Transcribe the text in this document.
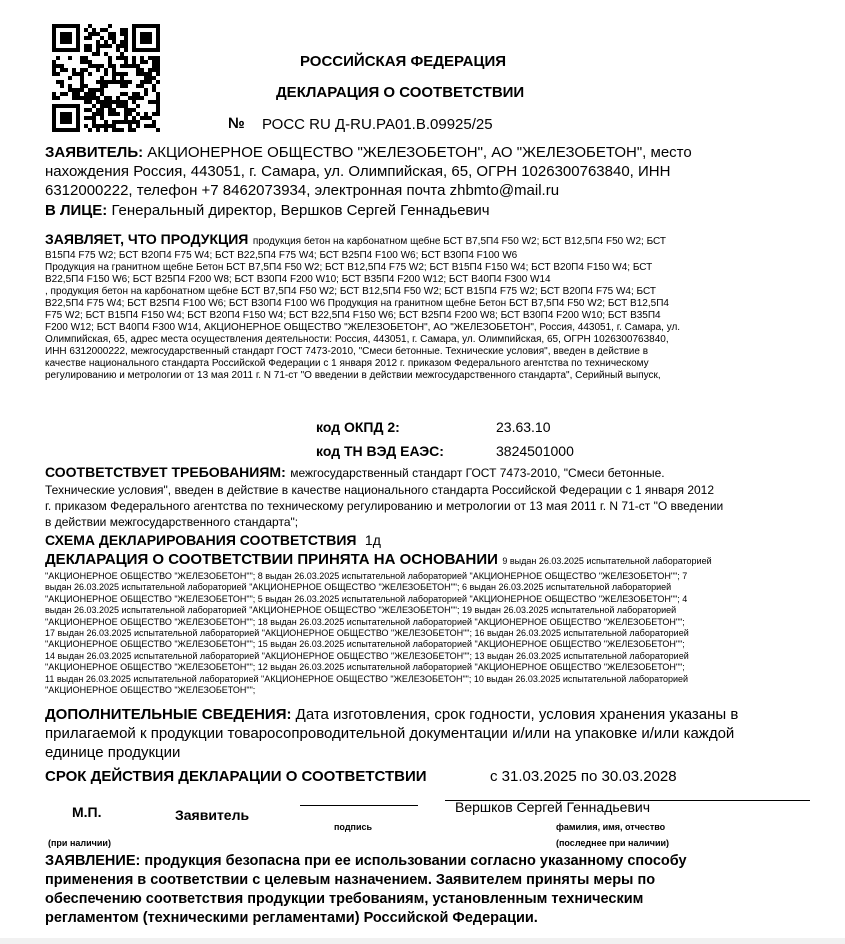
РОССИЙСКАЯ ФЕДЕРАЦИЯ
ДЕКЛАРАЦИЯ О СООТВЕТСТВИИ
№ РОСС RU Д-RU.РА01.В.09925/25
ЗАЯВИТЕЛЬ: АКЦИОНЕРНОЕ ОБЩЕСТВО "ЖЕЛЕЗОБЕТОН", АО "ЖЕЛЕЗОБЕТОН", место
нахождения Россия, 443051, г. Самара, ул. Олимпийская, 65, ОГРН 1026300763840, ИНН
6312000222, телефон +7 8462073934, электронная почта zhbmto@mail.ru
В ЛИЦЕ: Генеральный директор, Вершков Сергей Геннадьевич
ЗАЯВЛЯЕТ, ЧТО ПРОДУКЦИЯ продукция бетон на карбонатном щебне БСТ В7,5П4 F50 W2; БСТ В12,5П4 F50 W2; БСТ
В15П4 F75 W2; БСТ В20П4 F75 W4; БСТ В22,5П4 F75 W4; БСТ В25П4 F100 W6; БСТ В30П4 F100 W6
Продукция на гранитном щебне Бетон БСТ В7,5П4 F50 W2; БСТ В12,5П4 F75 W2; БСТ В15П4 F150 W4; БСТ В20П4 F150 W4; БСТ
В22,5П4 F150 W6; БСТ В25П4 F200 W8; БСТ В30П4 F200 W10; БСТ В35П4 F200 W12; БСТ В40П4 F300 W14
, продукция бетон на карбонатном щебне БСТ В7,5П4 F50 W2; БСТ В12,5П4 F50 W2; БСТ В15П4 F75 W2; БСТ В20П4 F75 W4; БСТ
В22,5П4 F75 W4; БСТ В25П4 F100 W6; БСТ В30П4 F100 W6 Продукция на гранитном щебне Бетон БСТ В7,5П4 F50 W2; БСТ В12,5П4
F75 W2; БСТ В15П4 F150 W4; БСТ В20П4 F150 W4; БСТ В22,5П4 F150 W6; БСТ В25П4 F200 W8; БСТ В30П4 F200 W10; БСТ В35П4
F200 W12; БСТ В40П4 F300 W14, АКЦИОНЕРНОЕ ОБЩЕСТВО "ЖЕЛЕЗОБЕТОН", АО "ЖЕЛЕЗОБЕТОН", Россия, 443051, г. Самара, ул.
Олимпийская, 65, адрес места осуществления деятельности: Россия, 443051, г. Самара, ул. Олимпийская, 65, ОГРН 1026300763840,
ИНН 6312000222, межгосударственный стандарт ГОСТ 7473-2010, "Смеси бетонные. Технические условия", введен в действие в
качестве национального стандарта Российской Федерации с 1 января 2012 г. приказом Федерального агентства по техническому
регулированию и метрологии от 13 мая 2011 г. N 71-ст "О введении в действии межгосударственного стандарта", Серийный выпуск,
код ОКПД 2:	23.63.10
код ТН ВЭД ЕАЭС:	3824501000
СООТВЕТСТВУЕТ ТРЕБОВАНИЯМ: межгосударственный стандарт ГОСТ 7473-2010, "Смеси бетонные.
Технические условия", введен в действие в качестве национального стандарта Российской Федерации с 1 января 2012
г. приказом Федерального агентства по техническому регулированию и метрологии от 13 мая 2011 г. N 71-ст "О введении
в действии межгосударственного стандарта";
СХЕМА ДЕКЛАРИРОВАНИЯ СООТВЕТСТВИЯ 1д
ДЕКЛАРАЦИЯ О СООТВЕТСТВИИ ПРИНЯТА НА ОСНОВАНИИ 9 выдан 26.03.2025 испытательной лабораторией
"АКЦИОНЕРНОЕ ОБЩЕСТВО "ЖЕЛЕЗОБЕТОН""; 8 выдан 26.03.2025 испытательной лабораторией "АКЦИОНЕРНОЕ ОБЩЕСТВО "ЖЕЛЕЗОБЕТОН""; 7
выдан 26.03.2025 испытательной лабораторией "АКЦИОНЕРНОЕ ОБЩЕСТВО "ЖЕЛЕЗОБЕТОН""; 6 выдан 26.03.2025 испытательной лабораторией
"АКЦИОНЕРНОЕ ОБЩЕСТВО "ЖЕЛЕЗОБЕТОН""; 5 выдан 26.03.2025 испытательной лабораторией "АКЦИОНЕРНОЕ ОБЩЕСТВО "ЖЕЛЕЗОБЕТОН""; 4
выдан 26.03.2025 испытательной лабораторией "АКЦИОНЕРНОЕ ОБЩЕСТВО "ЖЕЛЕЗОБЕТОН""; 19 выдан 26.03.2025 испытательной лабораторией
"АКЦИОНЕРНОЕ ОБЩЕСТВО "ЖЕЛЕЗОБЕТОН""; 18 выдан 26.03.2025 испытательной лабораторией "АКЦИОНЕРНОЕ ОБЩЕСТВО "ЖЕЛЕЗОБЕТОН"";
17 выдан 26.03.2025 испытательной лабораторией "АКЦИОНЕРНОЕ ОБЩЕСТВО "ЖЕЛЕЗОБЕТОН""; 16 выдан 26.03.2025 испытательной лабораторией
"АКЦИОНЕРНОЕ ОБЩЕСТВО "ЖЕЛЕЗОБЕТОН""; 15 выдан 26.03.2025 испытательной лабораторией "АКЦИОНЕРНОЕ ОБЩЕСТВО "ЖЕЛЕЗОБЕТОН"";
14 выдан 26.03.2025 испытательной лабораторией "АКЦИОНЕРНОЕ ОБЩЕСТВО "ЖЕЛЕЗОБЕТОН""; 13 выдан 26.03.2025 испытательной лабораторией
"АКЦИОНЕРНОЕ ОБЩЕСТВО "ЖЕЛЕЗОБЕТОН""; 12 выдан 26.03.2025 испытательной лабораторией "АКЦИОНЕРНОЕ ОБЩЕСТВО "ЖЕЛЕЗОБЕТОН"";
11 выдан 26.03.2025 испытательной лабораторией "АКЦИОНЕРНОЕ ОБЩЕСТВО "ЖЕЛЕЗОБЕТОН""; 10 выдан 26.03.2025 испытательной лабораторией
"АКЦИОНЕРНОЕ ОБЩЕСТВО "ЖЕЛЕЗОБЕТОН"";
ДОПОЛНИТЕЛЬНЫЕ СВЕДЕНИЯ: Дата изготовления, срок годности, условия хранения указаны в
прилагаемой к продукции товаросопроводительной документации и/или на упаковке и/или каждой
единице продукции
СРОК ДЕЙСТВИЯ ДЕКЛАРАЦИИ О СООТВЕТСТВИИ	с 31.03.2025 по 30.03.2028
М.П.	Заявитель	Вершков Сергей Геннадьевич
подпись	фамилия, имя, отчество
(при наличии)	(последнее при наличии)
ЗАЯВЛЕНИЕ: продукция безопасна при ее использовании согласно указанному способу
применения в соответствии с целевым назначением. Заявителем приняты меры по
обеспечению соответствия продукции требованиям, установленным техническим
регламентом (техническими регламентами) Российской Федерации.
